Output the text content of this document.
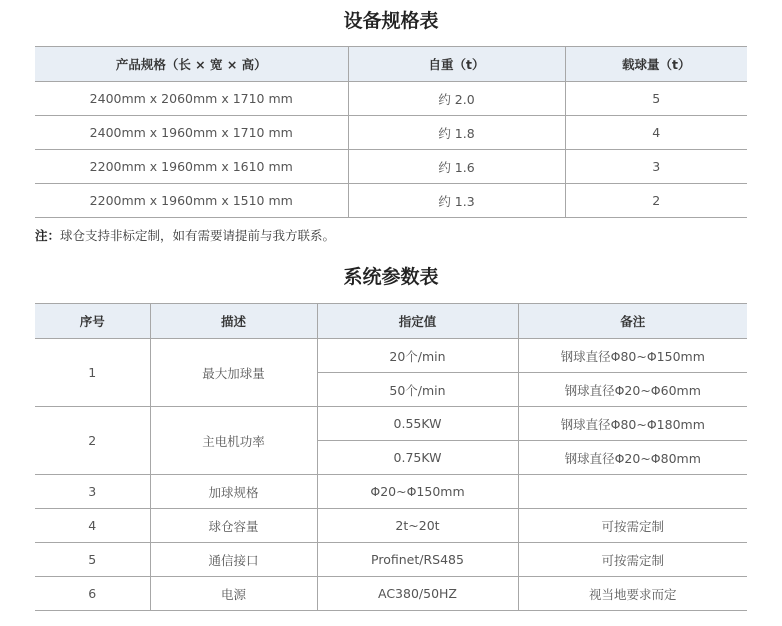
设备规格表
产品规格（长 × 宽 × 高）	自重（t）	载球量（t）
2400mm x 2060mm x 1710 mm	约 2.0	5
2400mm x 1960mm x 1710 mm	约 1.8	4
2200mm x 1960mm x 1610 mm	约 1.6	3
2200mm x 1960mm x 1510 mm	约 1.3	2
注：球仓支持非标定制，如有需要请提前与我方联系。
系统参数表
序号	描述	指定值	备注
1	最大加球量	20个/min	钢球直径Φ80~Φ150mm
		50个/min	钢球直径Φ20~Φ60mm
2	主电机功率	0.55KW	钢球直径Φ80~Φ180mm
		0.75KW	钢球直径Φ20~Φ80mm
3	加球规格	Φ20~Φ150mm	
4	球仓容量	2t~20t	可按需定制
5	通信接口	Profinet/RS485	可按需定制
6	电源	AC380/50HZ	视当地要求而定
